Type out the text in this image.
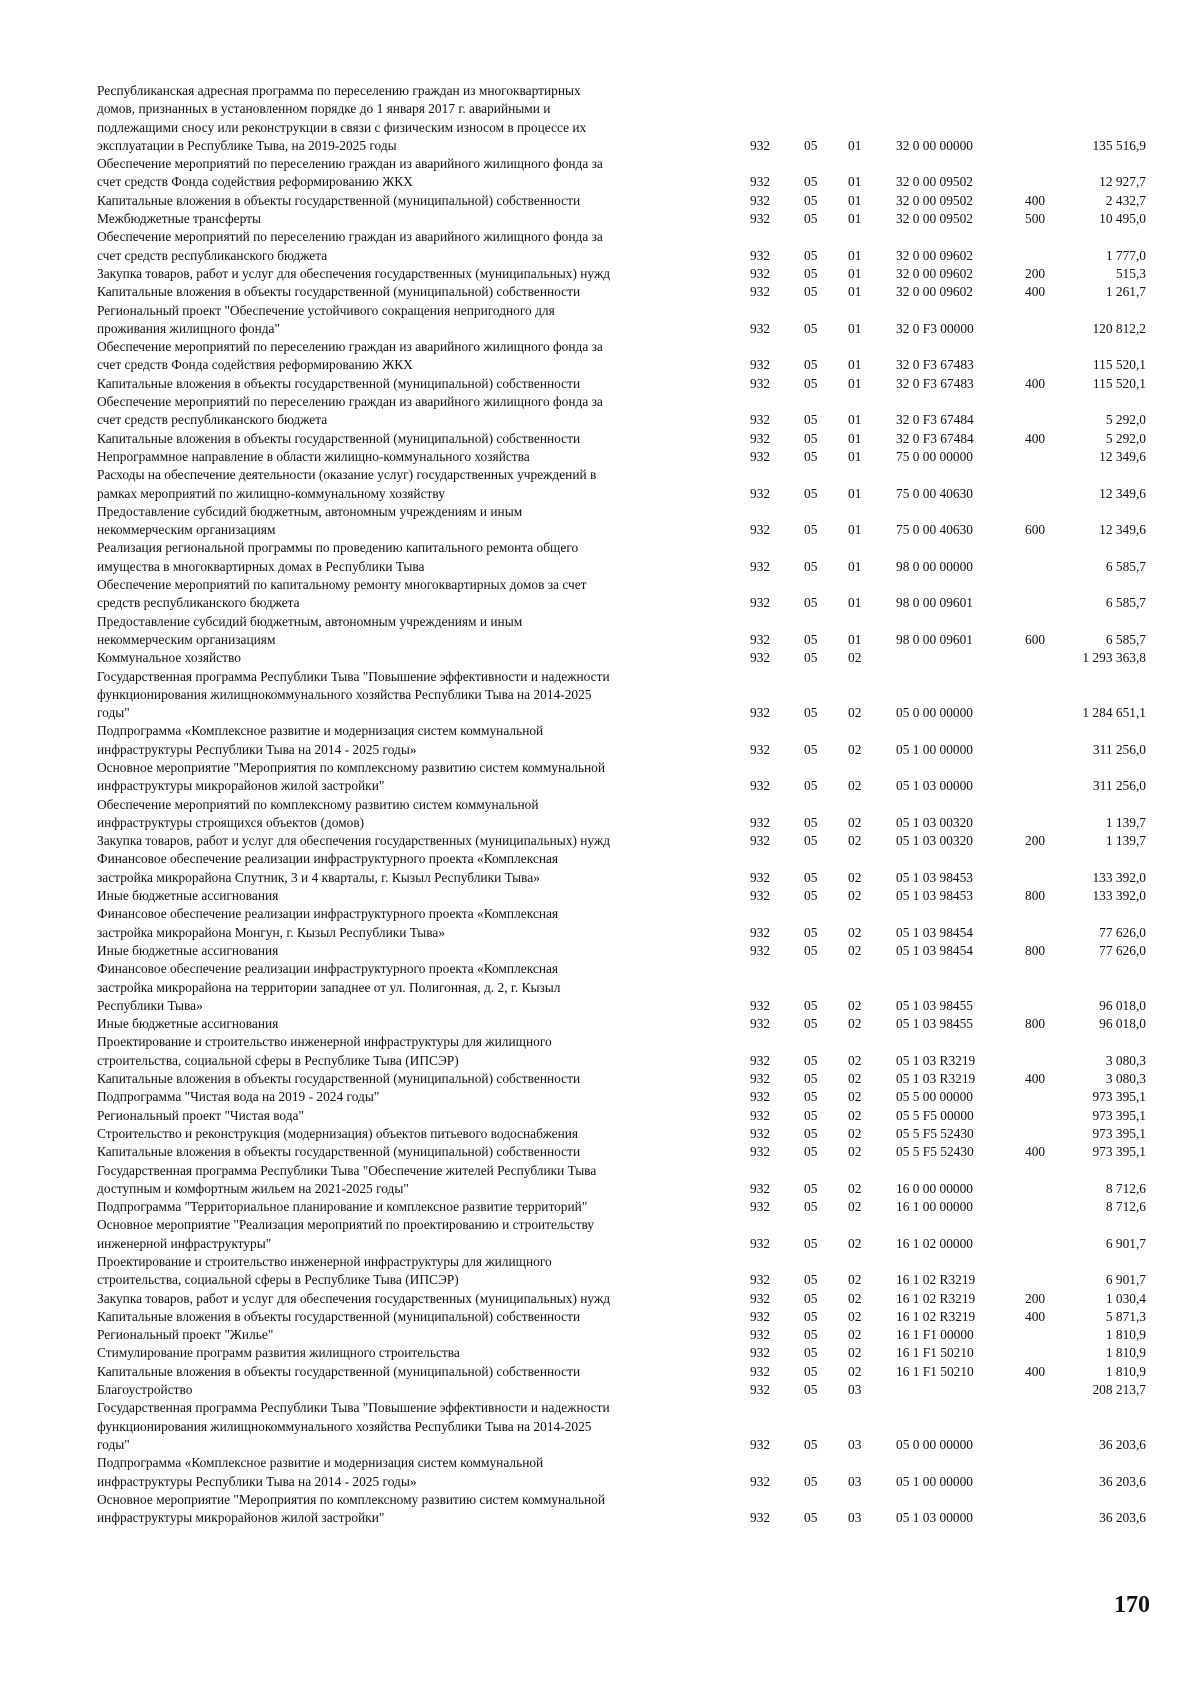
Республиканская адресная программа по переселению граждан из многоквартирных
домов, признанных в установленном порядке до 1 января 2017 г. аварийными и
подлежащими сносу или реконструкции в связи с физическим износом в процессе их
эксплуатации в Республике Тыва, на 2019-2025 годы	932	05 01	32 0 00 00000	135 516,9
Обеспечение мероприятий по переселению граждан из аварийного жилищного фонда за
счет средств Фонда содействия реформированию ЖКХ	932	05 01	32 0 00 09502	12 927,7
Капитальные вложения в объекты государственной (муниципальной) собственности	932	05 01	32 0 00 09502	400	2 432,7
Межбюджетные трансферты	932	05 01	32 0 00 09502	500	10 495,0
Обеспечение мероприятий по переселению граждан из аварийного жилищного фонда за
счет средств республиканского бюджета	932	05 01	32 0 00 09602	1 777,0
Закупка товаров, работ и услуг для обеспечения государственных (муниципальных) нужд	932	05 01	32 0 00 09602	200	515,3
Капитальные вложения в объекты государственной (муниципальной) собственности	932	05 01	32 0 00 09602	400	1 261,7
Региональный проект "Обеспечение устойчивого сокращения непригодного для
проживания жилищного фонда"	932	05 01	32 0 F3 00000	120 812,2
Обеспечение мероприятий по переселению граждан из аварийного жилищного фонда за
счет средств Фонда содействия реформированию ЖКХ	932	05 01	32 0 F3 67483	115 520,1
Капитальные вложения в объекты государственной (муниципальной) собственности	932	05 01	32 0 F3 67483	400	115 520,1
Обеспечение мероприятий по переселению граждан из аварийного жилищного фонда за
счет средств республиканского бюджета	932	05 01	32 0 F3 67484	5 292,0
Капитальные вложения в объекты государственной (муниципальной) собственности	932	05 01	32 0 F3 67484	400	5 292,0
Непрограммное направление в области жилищно-коммунального хозяйства	932	05 01	75 0 00 00000	12 349,6
Расходы на обеспечение деятельности (оказание услуг) государственных учреждений в
рамках мероприятий по жилищно-коммунальному хозяйству	932	05 01	75 0 00 40630	12 349,6
Предоставление субсидий бюджетным, автономным учреждениям и иным
некоммерческим организациям	932	05 01	75 0 00 40630	600	12 349,6
Реализация региональной программы по проведению капитального ремонта общего
имущества в многоквартирных домах в Республики Тыва	932	05 01	98 0 00 00000	6 585,7
Обеспечение мероприятий по капитальному ремонту многоквартирных домов за счет
средств республиканского бюджета	932	05 01	98 0 00 09601	6 585,7
Предоставление субсидий бюджетным, автономным учреждениям и иным
некоммерческим организациям	932	05 01	98 0 00 09601	600	6 585,7
Коммунальное хозяйство	932	05 02	1 293 363,8
Государственная программа Республики Тыва "Повышение эффективности и надежности
функционирования жилищнокоммунального хозяйства Республики Тыва на 2014-2025
годы"	932	05 02	05 0 00 00000	1 284 651,1
Подпрограмма «Комплексное развитие и модернизация систем коммунальной
инфраструктуры Республики Тыва на 2014 - 2025 годы»	932	05 02	05 1 00 00000	311 256,0
Основное мероприятие "Мероприятия по комплексному развитию систем коммунальной
инфраструктуры микрорайонов жилой застройки"	932	05 02	05 1 03 00000	311 256,0
Обеспечение мероприятий по комплексному развитию систем коммунальной
инфраструктуры строящихся объектов (домов)	932	05 02	05 1 03 00320	1 139,7
Закупка товаров, работ и услуг для обеспечения государственных (муниципальных) нужд	932	05 02	05 1 03 00320	200	1 139,7
Финансовое обеспечение реализации инфраструктурного проекта «Комплексная
застройка микрорайона Спутник, 3 и 4 кварталы, г. Кызыл Республики Тыва»	932	05 02	05 1 03 98453	133 392,0
Иные бюджетные ассигнования	932	05 02	05 1 03 98453	800	133 392,0
Финансовое обеспечение реализации инфраструктурного проекта «Комплексная
застройка микрорайона Монгун, г. Кызыл Республики Тыва»	932	05 02	05 1 03 98454	77 626,0
Иные бюджетные ассигнования	932	05 02	05 1 03 98454	800	77 626,0
Финансовое обеспечение реализации инфраструктурного проекта «Комплексная
застройка микрорайона на территории западнее от ул. Полигонная, д. 2, г. Кызыл
Республики Тыва»	932	05 02	05 1 03 98455	96 018,0
Иные бюджетные ассигнования	932	05 02	05 1 03 98455	800	96 018,0
Проектирование и строительство инженерной инфраструктуры для жилищного
строительства, социальной сферы в Республике Тыва (ИПСЭР)	932	05 02	05 1 03 R3219	3 080,3
Капитальные вложения в объекты государственной (муниципальной) собственности	932	05 02	05 1 03 R3219	400	3 080,3
Подпрограмма "Чистая вода на 2019 - 2024 годы"	932	05 02	05 5 00 00000	973 395,1
Региональный проект "Чистая вода"	932	05 02	05 5 F5 00000	973 395,1
Строительство и реконструкция (модернизация) объектов питьевого водоснабжения	932	05 02	05 5 F5 52430	973 395,1
Капитальные вложения в объекты государственной (муниципальной) собственности	932	05 02	05 5 F5 52430	400	973 395,1
Государственная программа Республики Тыва "Обеспечение жителей Республики Тыва
доступным и комфортным жильем на 2021-2025 годы"	932	05 02	16 0 00 00000	8 712,6
Подпрограмма "Территориальное планирование и комплексное развитие территорий"	932	05 02	16 1 00 00000	8 712,6
Основное мероприятие "Реализация мероприятий по проектированию и строительству
инженерной инфраструктуры"	932	05 02	16 1 02 00000	6 901,7
Проектирование и строительство инженерной инфраструктуры для жилищного
строительства, социальной сферы в Республике Тыва (ИПСЭР)	932	05 02	16 1 02 R3219	6 901,7
Закупка товаров, работ и услуг для обеспечения государственных (муниципальных) нужд	932	05 02	16 1 02 R3219	200	1 030,4
Капитальные вложения в объекты государственной (муниципальной) собственности	932	05 02	16 1 02 R3219	400	5 871,3
Региональный проект "Жилье"	932	05 02	16 1 F1 00000	1 810,9
Стимулирование программ развития жилищного строительства	932	05 02	16 1 F1 50210	1 810,9
Капитальные вложения в объекты государственной (муниципальной) собственности	932	05 02	16 1 F1 50210	400	1 810,9
Благоустройство	932	05 03	208 213,7
Государственная программа Республики Тыва "Повышение эффективности и надежности
функционирования жилищнокоммунального хозяйства Республики Тыва на 2014-2025
годы"	932	05 03	05 0 00 00000	36 203,6
Подпрограмма «Комплексное развитие и модернизация систем коммунальной
инфраструктуры Республики Тыва на 2014 - 2025 годы»	932	05 03	05 1 00 00000	36 203,6
Основное мероприятие "Мероприятия по комплексному развитию систем коммунальной
инфраструктуры микрорайонов жилой застройки"	932	05 03	05 1 03 00000	36 203,6
170
